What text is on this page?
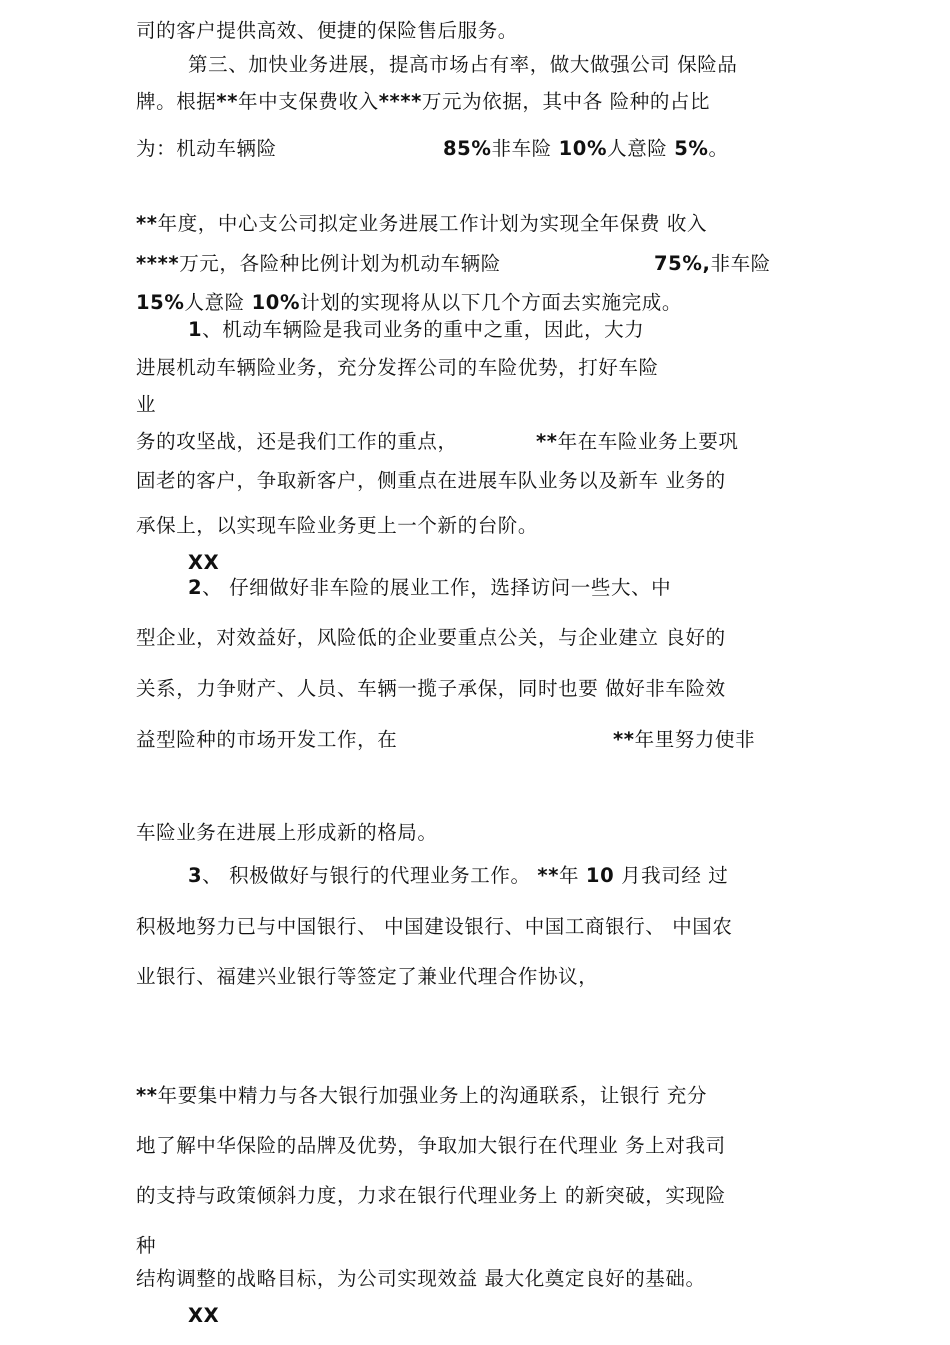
司的客户提供高效、便捷的保险售后服务。
第三、加快业务进展，提高市场占有率，做大做强公司 保险品
牌。根据**年中支保费收入****万元为依据，其中各 险种的占比
为：机动车辆险	85%非车险 10%人意险 5%。
**年度，中心支公司拟定业务进展工作计划为实现全年保费 收入
****万元，各险种比例计划为机动车辆险	75%,非车险
15%人意险 10%计划的实现将从以下几个方面去实施完成。
1、机动车辆险是我司业务的重中之重，因此，大力
进展机动车辆险业务，充分发挥公司的车险优势，打好车险
业
务的攻坚战，还是我们工作的重点，	**年在车险业务上要巩
固老的客户，争取新客户，侧重点在进展车队业务以及新车 业务的
承保上，以实现车险业务更上一个新的台阶。
XX
2、 仔细做好非车险的展业工作，选择访问一些大、中
型企业，对效益好，风险低的企业要重点公关，与企业建立 良好的
关系，力争财产、人员、车辆一揽子承保，同时也要 做好非车险效
益型险种的市场开发工作，在	**年里努力使非
车险业务在进展上形成新的格局。
3、 积极做好与银行的代理业务工作。 **年 10 月我司经 过
积极地努力已与中国银行、 中国建设银行、中国工商银行、 中国农
业银行、福建兴业银行等签定了兼业代理合作协议，
**年要集中精力与各大银行加强业务上的沟通联系，让银行 充分
地了解中华保险的品牌及优势，争取加大银行在代理业 务上对我司
的支持与政策倾斜力度，力求在银行代理业务上 的新突破，实现险
种
结构调整的战略目标，为公司实现效益 最大化奠定良好的基础。
XX
